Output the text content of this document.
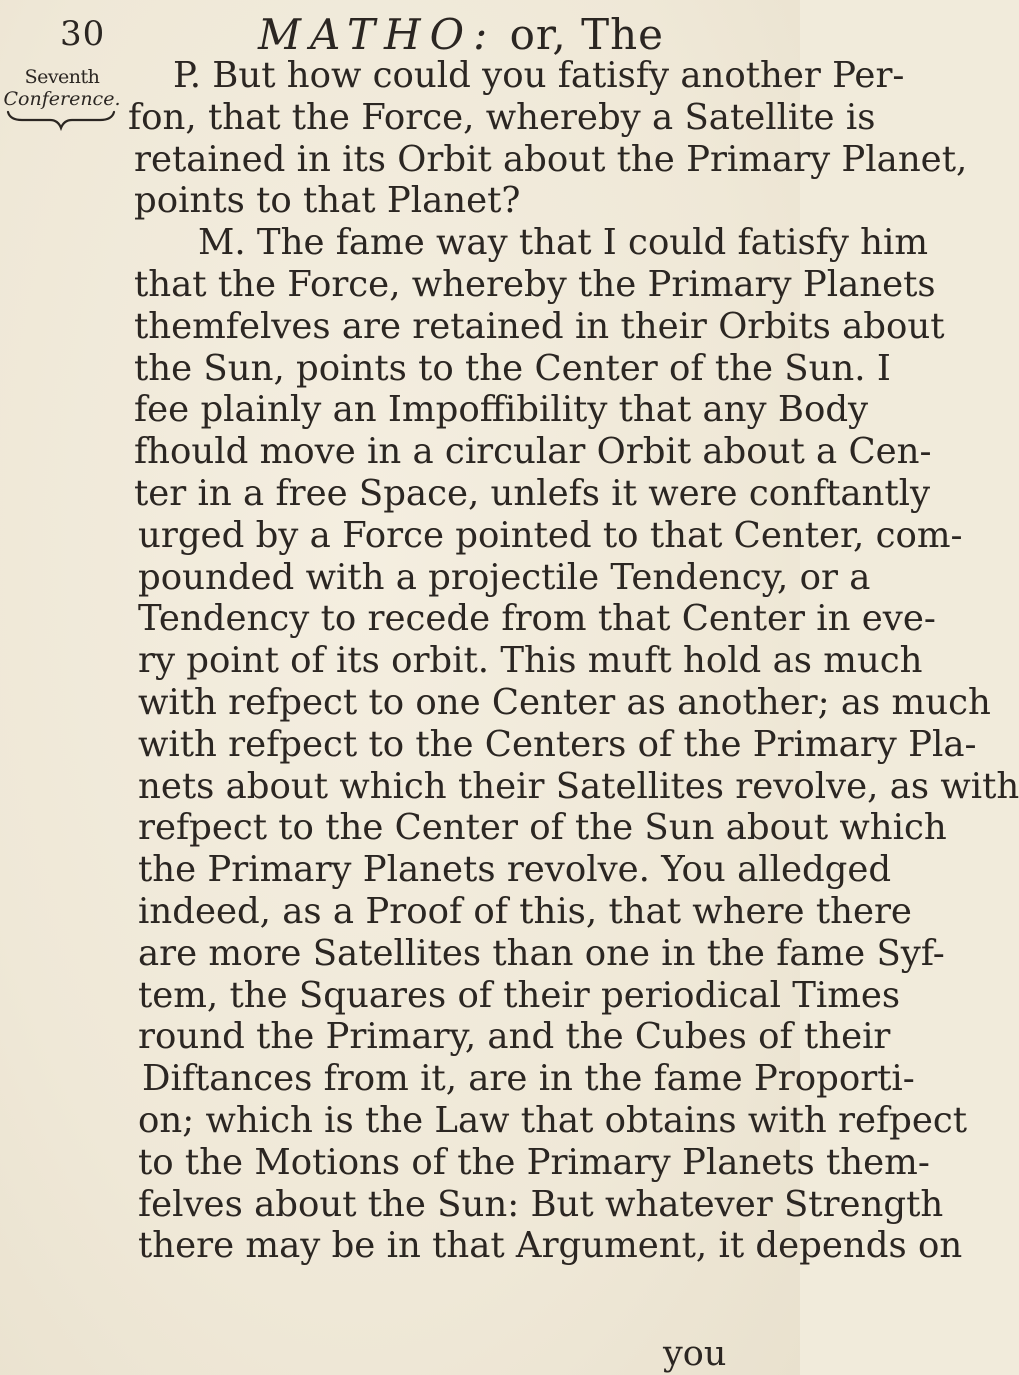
30	MATHO: or, The
Seventh
Conference.
P. But how could you fatisfy another Per-
fon, that the Force, whereby a Satellite is
retained in its Orbit about the Primary Planet,
points to that Planet?
M. The fame way that I could fatisfy him
that the Force, whereby the Primary Planets
themfelves are retained in their Orbits about
the Sun, points to the Center of the Sun. I
fee plainly an Impoffibility that any Body
fhould move in a circular Orbit about a Cen-
ter in a free Space, unlefs it were conftantly
urged by a Force pointed to that Center, com-
pounded with a projectile Tendency, or a
Tendency to recede from that Center in eve-
ry point of its orbit. This muft hold as much
with refpect to one Center as another; as much
with refpect to the Centers of the Primary Pla-
nets about which their Satellites revolve, as with
refpect to the Center of the Sun about which
the Primary Planets revolve. You alledged
indeed, as a Proof of this, that where there
are more Satellites than one in the fame Syf-
tem, the Squares of their periodical Times
round the Primary, and the Cubes of their
Diftances from it, are in the fame Proporti-
on; which is the Law that obtains with refpect
to the Motions of the Primary Planets them-
felves about the Sun: But whatever Strength
there may be in that Argument, it depends on
you
